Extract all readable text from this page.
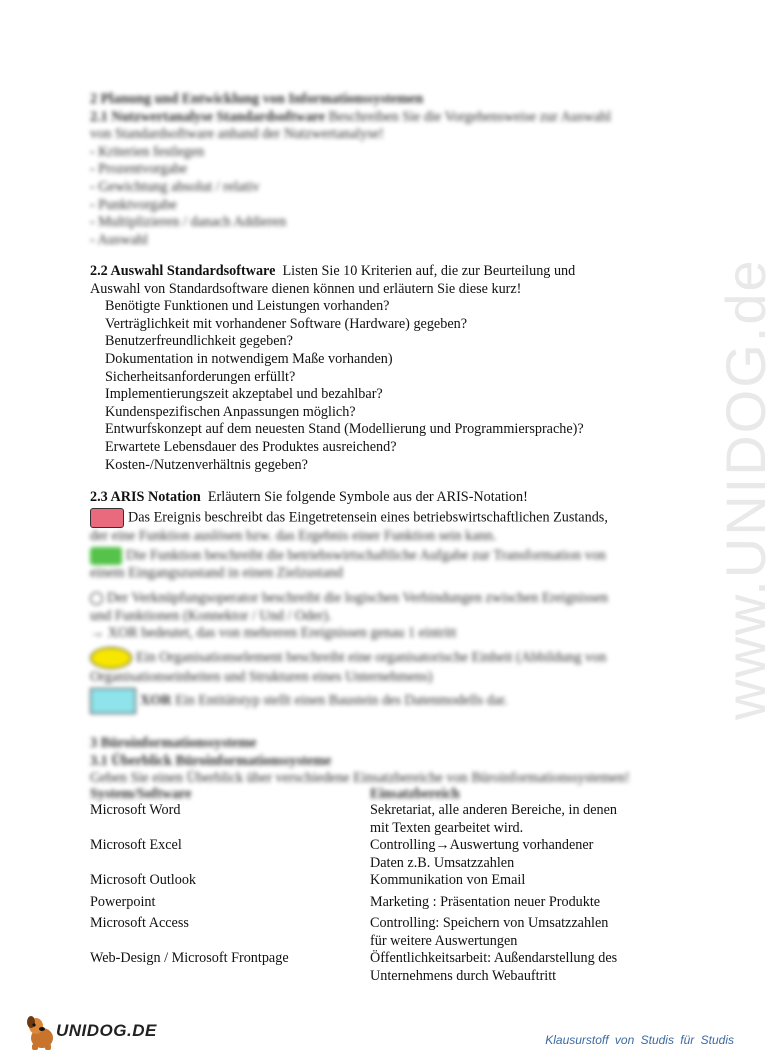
www.UNIDOG.de
2 Planung und Entwicklung von Informationssystemen
2.1 Nutzwertanalyse Standardsoftware Beschreiben Sie die Vorgehensweise zur Auswahl
von Standardsoftware anhand der Nutzwertanalyse!
- Kriterien festlegen
- Prozentvorgabe
- Gewichtung absolut / relativ
- Punktvorgabe
- Multiplizieren / danach Addieren
- Auswahl
2.2 Auswahl Standardsoftware Listen Sie 10 Kriterien auf, die zur Beurteilung und
Auswahl von Standardsoftware dienen können und erläutern Sie diese kurz!
Benötigte Funktionen und Leistungen vorhanden?
Verträglichkeit mit vorhandener Software (Hardware) gegeben?
Benutzerfreundlichkeit gegeben?
Dokumentation in notwendigem Maße vorhanden)
Sicherheitsanforderungen erfüllt?
Implementierungszeit akzeptabel und bezahlbar?
Kundenspezifischen Anpassungen möglich?
Entwurfskonzept auf dem neuesten Stand (Modellierung und Programmiersprache)?
Erwartete Lebensdauer des Produktes ausreichend?
Kosten-/Nutzenverhältnis gegeben?
2.3 ARIS Notation Erläutern Sie folgende Symbole aus der ARIS-Notation!
Das Ereignis beschreibt das Eingetretensein eines betriebswirtschaftlichen Zustands,
der eine Funktion auslösen bzw. das Ergebnis einer Funktion sein kann.
Die Funktion beschreibt die betriebswirtschaftliche Aufgabe zur Transformation von
einem Eingangszustand in einen Zielzustand
Der Verknüpfungsoperator beschreibt die logischen Verbindungen zwischen Ereignissen
und Funktionen (Konnektor / Und / Oder).
→ XOR bedeutet, das von mehreren Ereignissen genau 1 eintritt
Ein Organisationselement beschreibt eine organisatorische Einheit (Abbildung von
Organisationseinheiten und Strukturen eines Unternehmens)
XOR Ein Entitätstyp stellt einen Baustein des Datenmodells dar.
3 Büroinformationssysteme
3.1 Überblick Büroinformationssysteme
Geben Sie einen Überblick über verschiedene Einsatzbereiche von Büroinformationssystemen!
System/Software	Einsatzbereich
Microsoft Word	Sekretariat, alle anderen Bereiche, in denen
mit Texten gearbeitet wird.
Microsoft Excel	Controlling→Auswertung vorhandener
Daten z.B. Umsatzzahlen
Microsoft Outlook	Kommunikation von Email
Powerpoint	Marketing : Präsentation neuer Produkte
Microsoft Access	Controlling: Speichern von Umsatzzahlen
für weitere Auswertungen
Web-Design / Microsoft Frontpage	Öffentlichkeitsarbeit: Außendarstellung des
Unternehmens durch Webauftritt
UNIDOG.DE	Klausurstoff von Studis für Studis
